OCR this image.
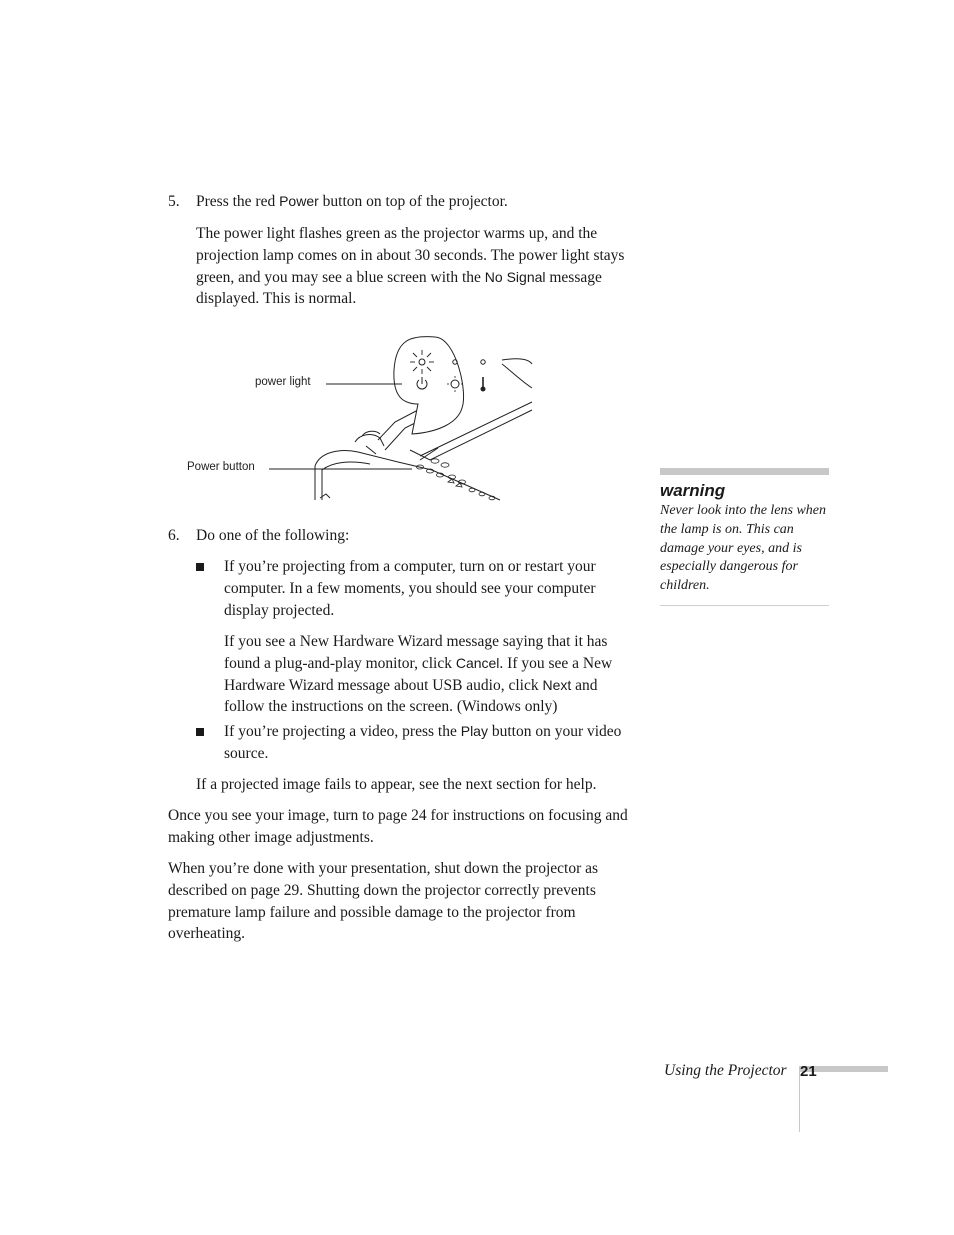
5. Press the red Power button on top of the projector.

The power light flashes green as the projector warms up, and the projection lamp comes on in about 30 seconds. The power light stays green, and you may see a blue screen with the No Signal message displayed. This is normal.

power light
Power button
6. Do one of the following:

If you’re projecting from a computer, turn on or restart your computer. In a few moments, you should see your computer display projected.

If you see a New Hardware Wizard message saying that it has found a plug-and-play monitor, click Cancel. If you see a New Hardware Wizard message about USB audio, click Next and follow the instructions on the screen. (Windows only)

If you’re projecting a video, press the Play button on your video source.

If a projected image fails to appear, see the next section for help.

Once you see your image, turn to page 24 for instructions on focusing and making other image adjustments.

When you’re done with your presentation, shut down the projector as described on page 29. Shutting down the projector correctly prevents premature lamp failure and possible damage to the projector from overheating.

warning
Never look into the lens when the lamp is on. This can damage your eyes, and is especially dangerous for children.
Using the Projector 21
